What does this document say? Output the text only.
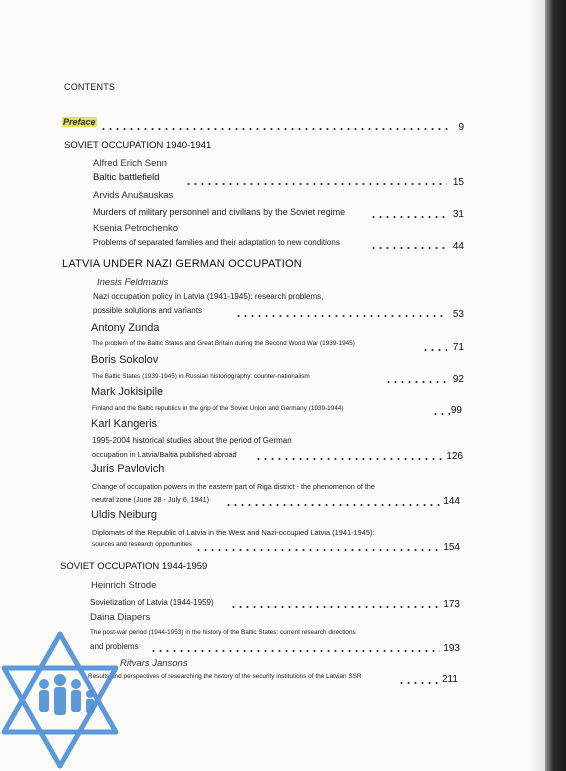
CONTENTS
Preface	9
SOVIET OCCUPATION 1940-1941
Alfred Erich Senn
Baltic battlefield	15
Arvids Anušauskas
Murders of military personnel and civilians by the Soviet regime	31
Ksenia Petrochenko
Problems of separated families and their adaptation to new conditions	44
LATVIA UNDER NAZI GERMAN OCCUPATION
Inesis Feldmanis
Nazi occupation policy in Latvia (1941-1945): research problems,
possible solutions and variants	53
Antony Zunda
The problem of the Baltic States and Great Britain during the Second World War (1939-1945)	71
Boris Sokolov
The Baltic States (1939-1945) in Russian historiography: counter-nationalism	92
Mark Jokisipile
Finland and the Baltic republics in the grip of the Soviet Union and Germany (1939-1944)	99
Karl Kangeris
1995-2004 historical studies about the period of German
occupation in Latvia/Baltia published abroad	126
Juris Pavlovich
Change of occupation powers in the eastern part of Riga district - the phenomenon of the
neutral zone (June 28 - July 6, 1941)	144
Uldis Neiburg
Diplomats of the Republic of Latvia in the West and Nazi-occupied Latvia (1941-1945):
sources and research opportunities	154
SOVIET OCCUPATION 1944-1959
Heinrich Strode
Sovietization of Latvia (1944-1959)	173
Daina Diapers
The post-war period (1944-1953) in the history of the Baltic States: current research directions
and problems	193
Ritvars Jansons
Results and perspectives of researching the history of the security institutions of the Latvian SSR	211
